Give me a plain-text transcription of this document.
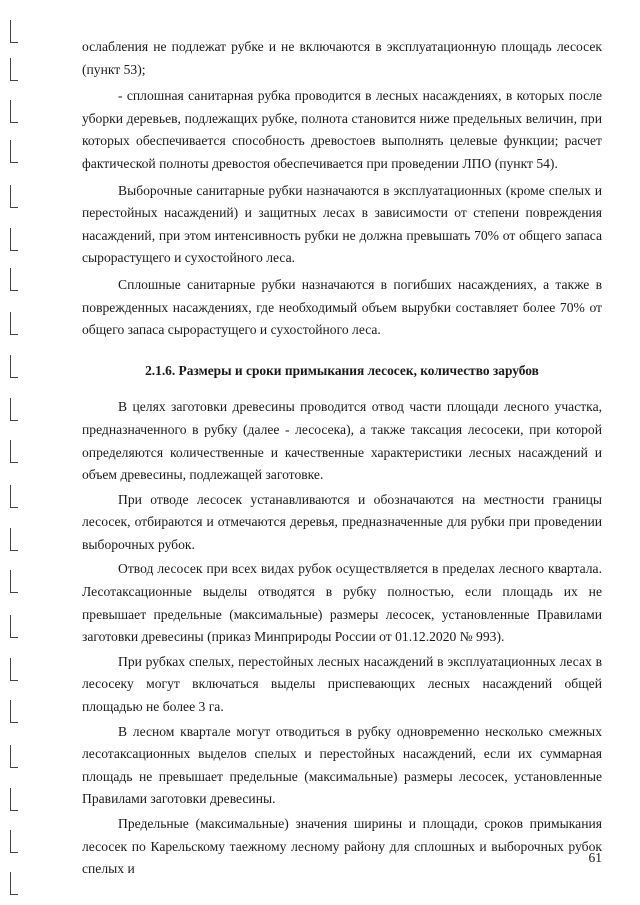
ослабления не подлежат рубке и не включаются в эксплуатационную площадь лесосек (пункт 53);

- сплошная санитарная рубка проводится в лесных насаждениях, в которых после уборки деревьев, подлежащих рубке, полнота становится ниже предельных величин, при которых обеспечивается способность древостоев выполнять целевые функции; расчет фактической полноты древостоя обеспечивается при проведении ЛПО (пункт 54).

Выборочные санитарные рубки назначаются в эксплуатационных (кроме спелых и перестойных насаждений) и защитных лесах в зависимости от степени повреждения насаждений, при этом интенсивность рубки не должна превышать 70% от общего запаса сырорастущего и сухостойного леса.

Сплошные санитарные рубки назначаются в погибших насаждениях, а также в поврежденных насаждениях, где необходимый объем вырубки составляет более 70% от общего запаса сырорастущего и сухостойного леса.

2.1.6. Размеры и сроки примыкания лесосек, количество зарубов

В целях заготовки древесины проводится отвод части площади лесного участка, предназначенного в рубку (далее - лесосека), а также таксация лесосеки, при которой определяются количественные и качественные характеристики лесных насаждений и объем древесины, подлежащей заготовке.

При отводе лесосек устанавливаются и обозначаются на местности границы лесосек, отбираются и отмечаются деревья, предназначенные для рубки при проведении выборочных рубок.

Отвод лесосек при всех видах рубок осуществляется в пределах лесного квартала. Лесотаксационные выделы отводятся в рубку полностью, если площадь их не превышает предельные (максимальные) размеры лесосек, установленные Правилами заготовки древесины (приказ Минприроды России от 01.12.2020 № 993).

При рубках спелых, перестойных лесных насаждений в эксплуатационных лесах в лесосеку могут включаться выделы приспевающих лесных насаждений общей площадью не более 3 га.

В лесном квартале могут отводиться в рубку одновременно несколько смежных лесотаксационных выделов спелых и перестойных насаждений, если их суммарная площадь не превышает предельные (максимальные) размеры лесосек, установленные Правилами заготовки древесины.

Предельные (максимальные) значения ширины и площади, сроков примыкания лесосек по Карельскому таежному лесному району для сплошных и выборочных рубок спелых и

61
